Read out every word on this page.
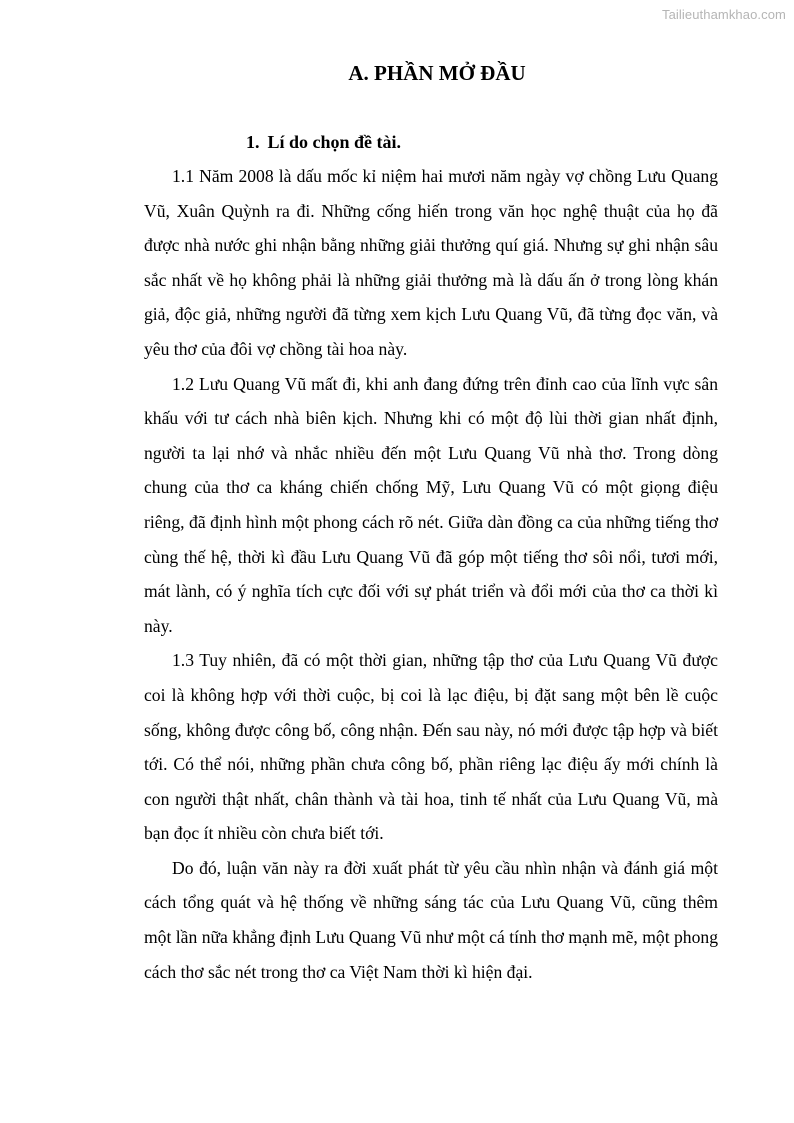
Tailieuthamkhao.com
A. PHẦN MỞ ĐẦU
1. Lí do chọn đề tài.

1.1 Năm 2008 là dấu mốc kỉ niệm hai mươi năm ngày vợ chồng Lưu Quang Vũ, Xuân Quỳnh ra đi. Những cống hiến trong văn học nghệ thuật của họ đã được nhà nước ghi nhận bằng những giải thưởng quí giá. Nhưng sự ghi nhận sâu sắc nhất về họ không phải là những giải thưởng mà là dấu ấn ở trong lòng khán giả, độc giả, những người đã từng xem kịch Lưu Quang Vũ, đã từng đọc văn, và yêu thơ của đôi vợ chồng tài hoa này.

1.2 Lưu Quang Vũ mất đi, khi anh đang đứng trên đỉnh cao của lĩnh vực sân khấu với tư cách nhà biên kịch. Nhưng khi có một độ lùi thời gian nhất định, người ta lại nhớ và nhắc nhiều đến một Lưu Quang Vũ nhà thơ. Trong dòng chung của thơ ca kháng chiến chống Mỹ, Lưu Quang Vũ có một giọng điệu riêng, đã định hình một phong cách rõ nét. Giữa dàn đồng ca của những tiếng thơ cùng thế hệ, thời kì đầu Lưu Quang Vũ đã góp một tiếng thơ sôi nổi, tươi mới, mát lành, có ý nghĩa tích cực đối với sự phát triển và đổi mới của thơ ca thời kì này.

1.3 Tuy nhiên, đã có một thời gian, những tập thơ của Lưu Quang Vũ được coi là không hợp với thời cuộc, bị coi là lạc điệu, bị đặt sang một bên lề cuộc sống, không được công bố, công nhận. Đến sau này, nó mới được tập hợp và biết tới. Có thể nói, những phần chưa công bố, phần riêng lạc điệu ấy mới chính là con người thật nhất, chân thành và tài hoa, tinh tế nhất của Lưu Quang Vũ, mà bạn đọc ít nhiều còn chưa biết tới.

Do đó, luận văn này ra đời xuất phát từ yêu cầu nhìn nhận và đánh giá một cách tổng quát và hệ thống về những sáng tác của Lưu Quang Vũ, cũng thêm một lần nữa khẳng định Lưu Quang Vũ như một cá tính thơ mạnh mẽ, một phong cách thơ sắc nét trong thơ ca Việt Nam thời kì hiện đại.
